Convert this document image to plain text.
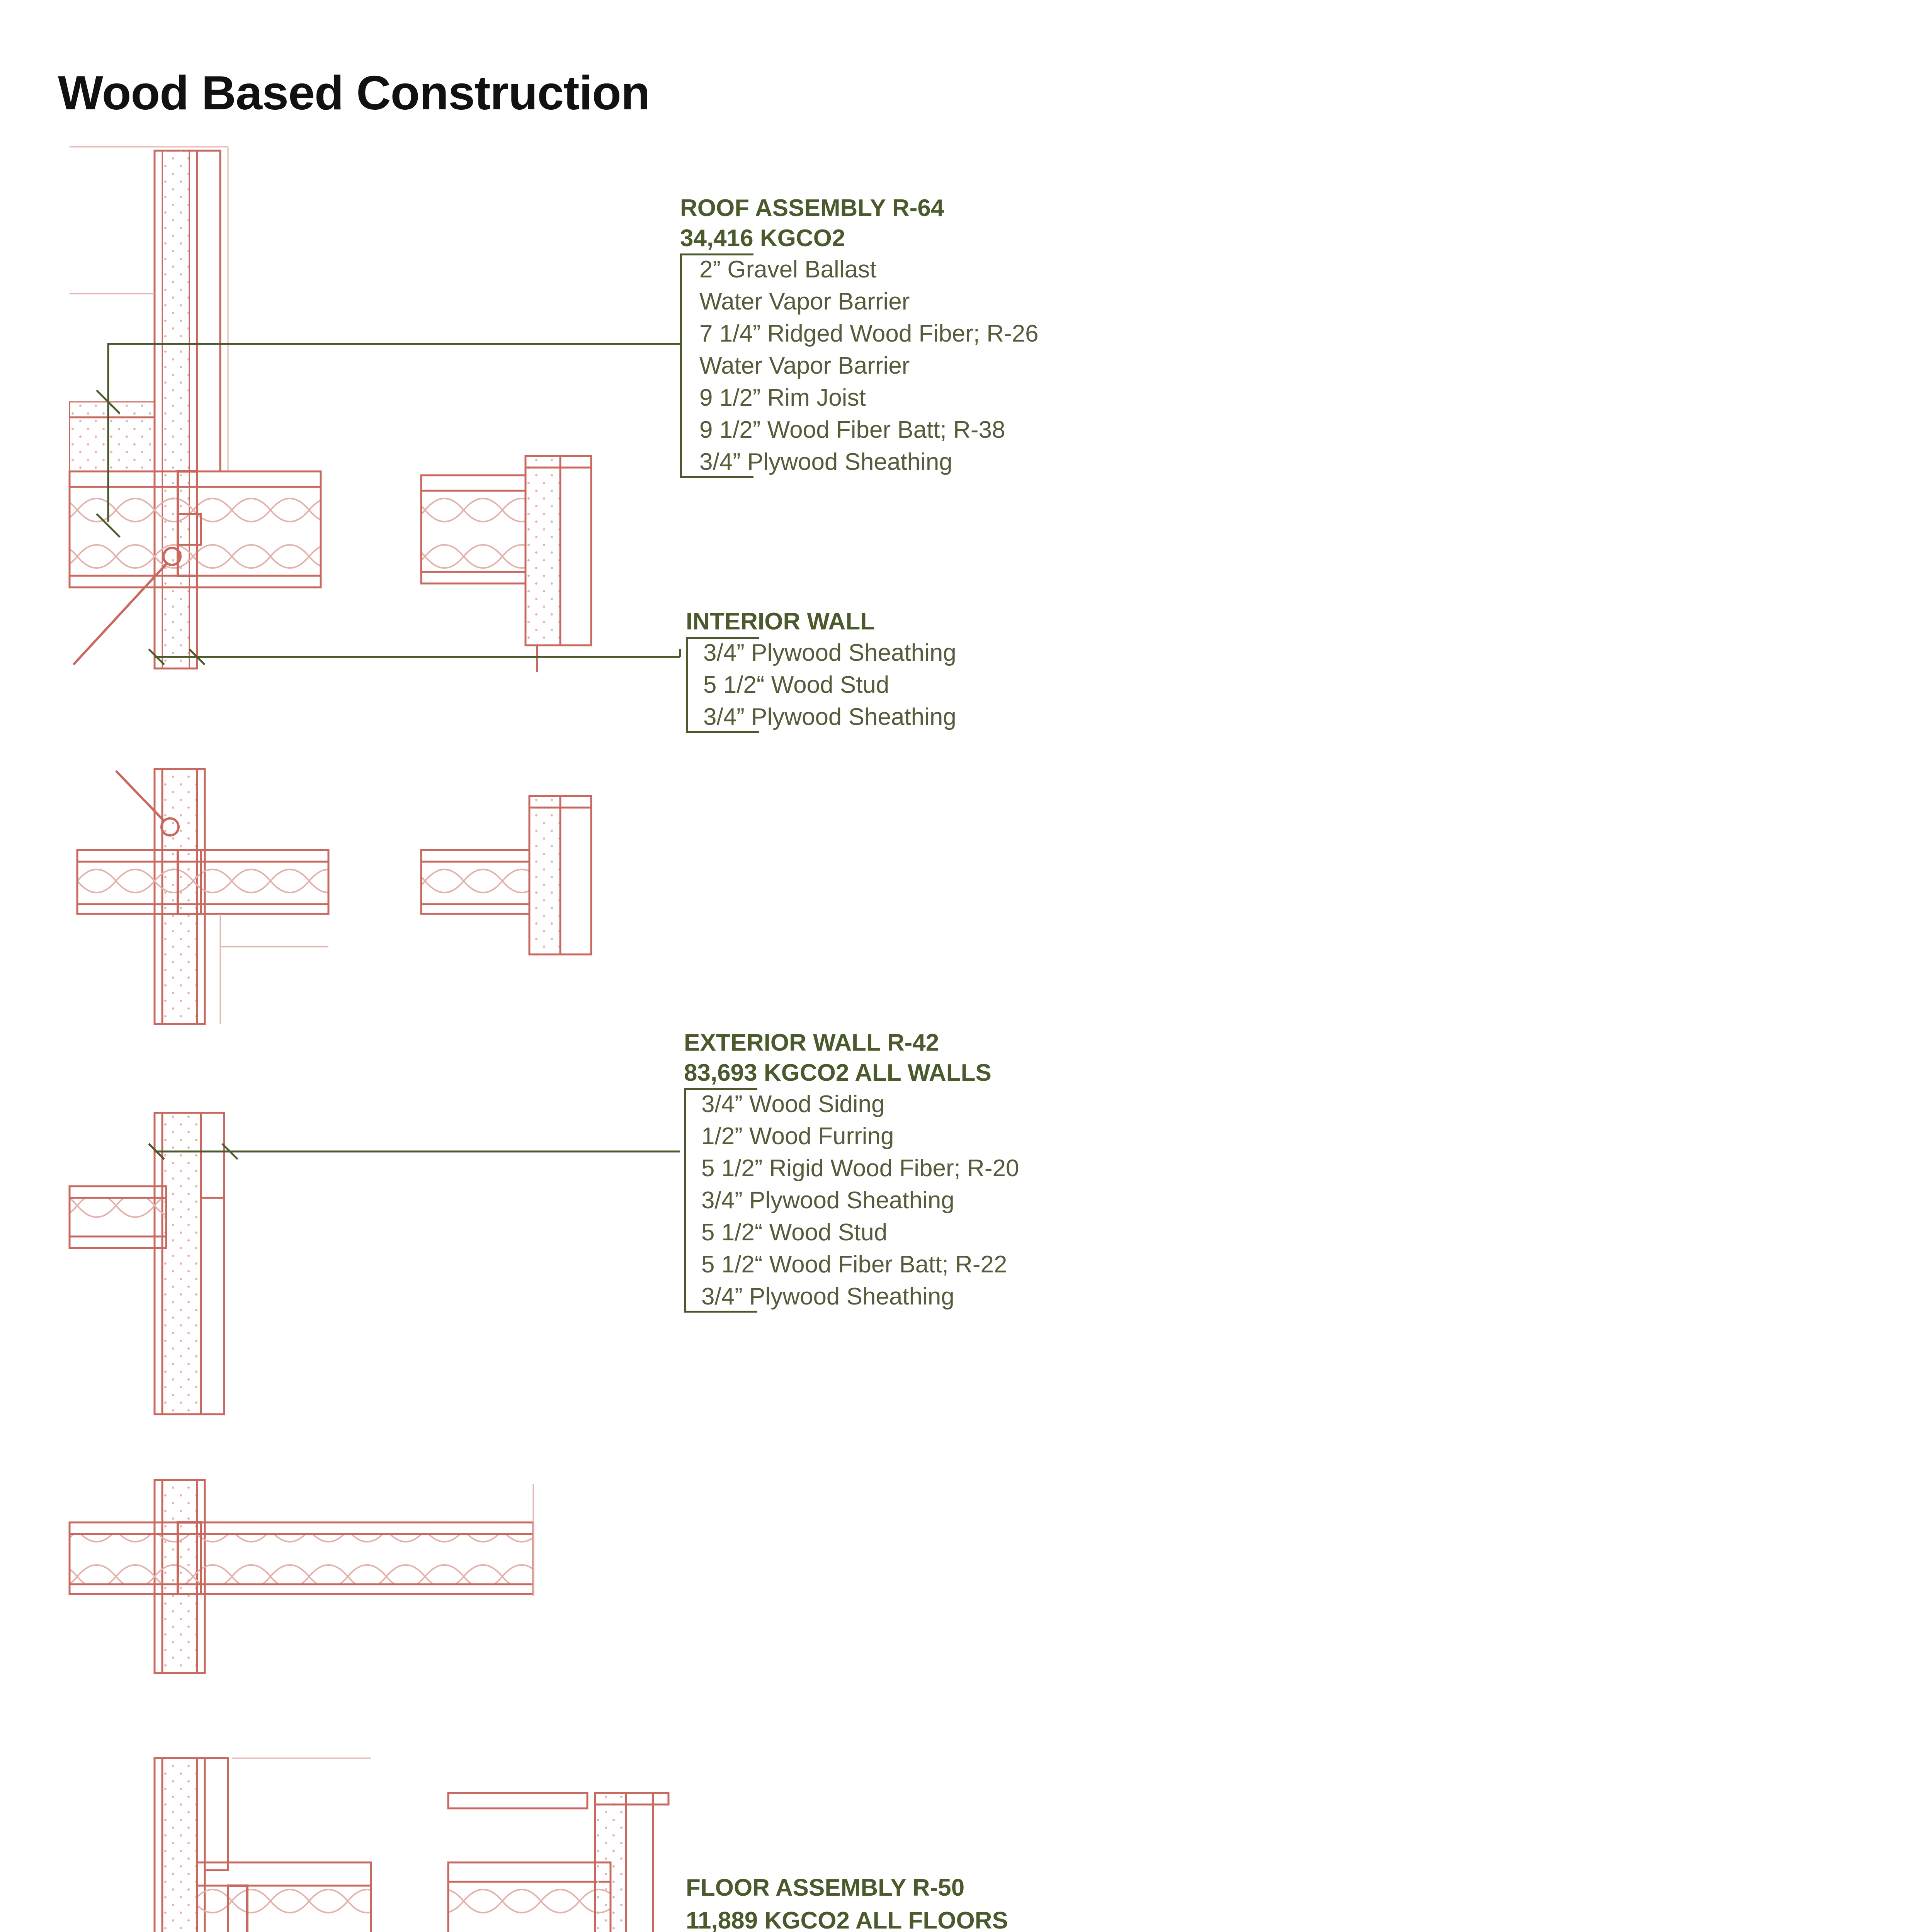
Wood Based Construction

ROOF ASSEMBLY R-64

34,416 KGCO2

2” Gravel Ballast
Water Vapor Barrier
7 1/4” Ridged Wood Fiber; R-26
Water Vapor Barrier
9 1/2” Rim Joist
9 1/2” Wood Fiber Batt; R-38
3/4” Plywood Sheathing

INTERIOR WALL

3/4” Plywood Sheathing
5 1/2“ Wood Stud
3/4” Plywood Sheathing

EXTERIOR WALL R-42

83,693 KGCO2 ALL WALLS

3/4” Wood Siding
1/2” Wood Furring
5 1/2” Rigid Wood Fiber; R-20
3/4” Plywood Sheathing
5 1/2“ Wood Stud
5 1/2“ Wood Fiber Batt; R-22
3/4” Plywood Sheathing

FLOOR ASSEMBLY R-50

11,889 KGCO2 ALL FLOORS
